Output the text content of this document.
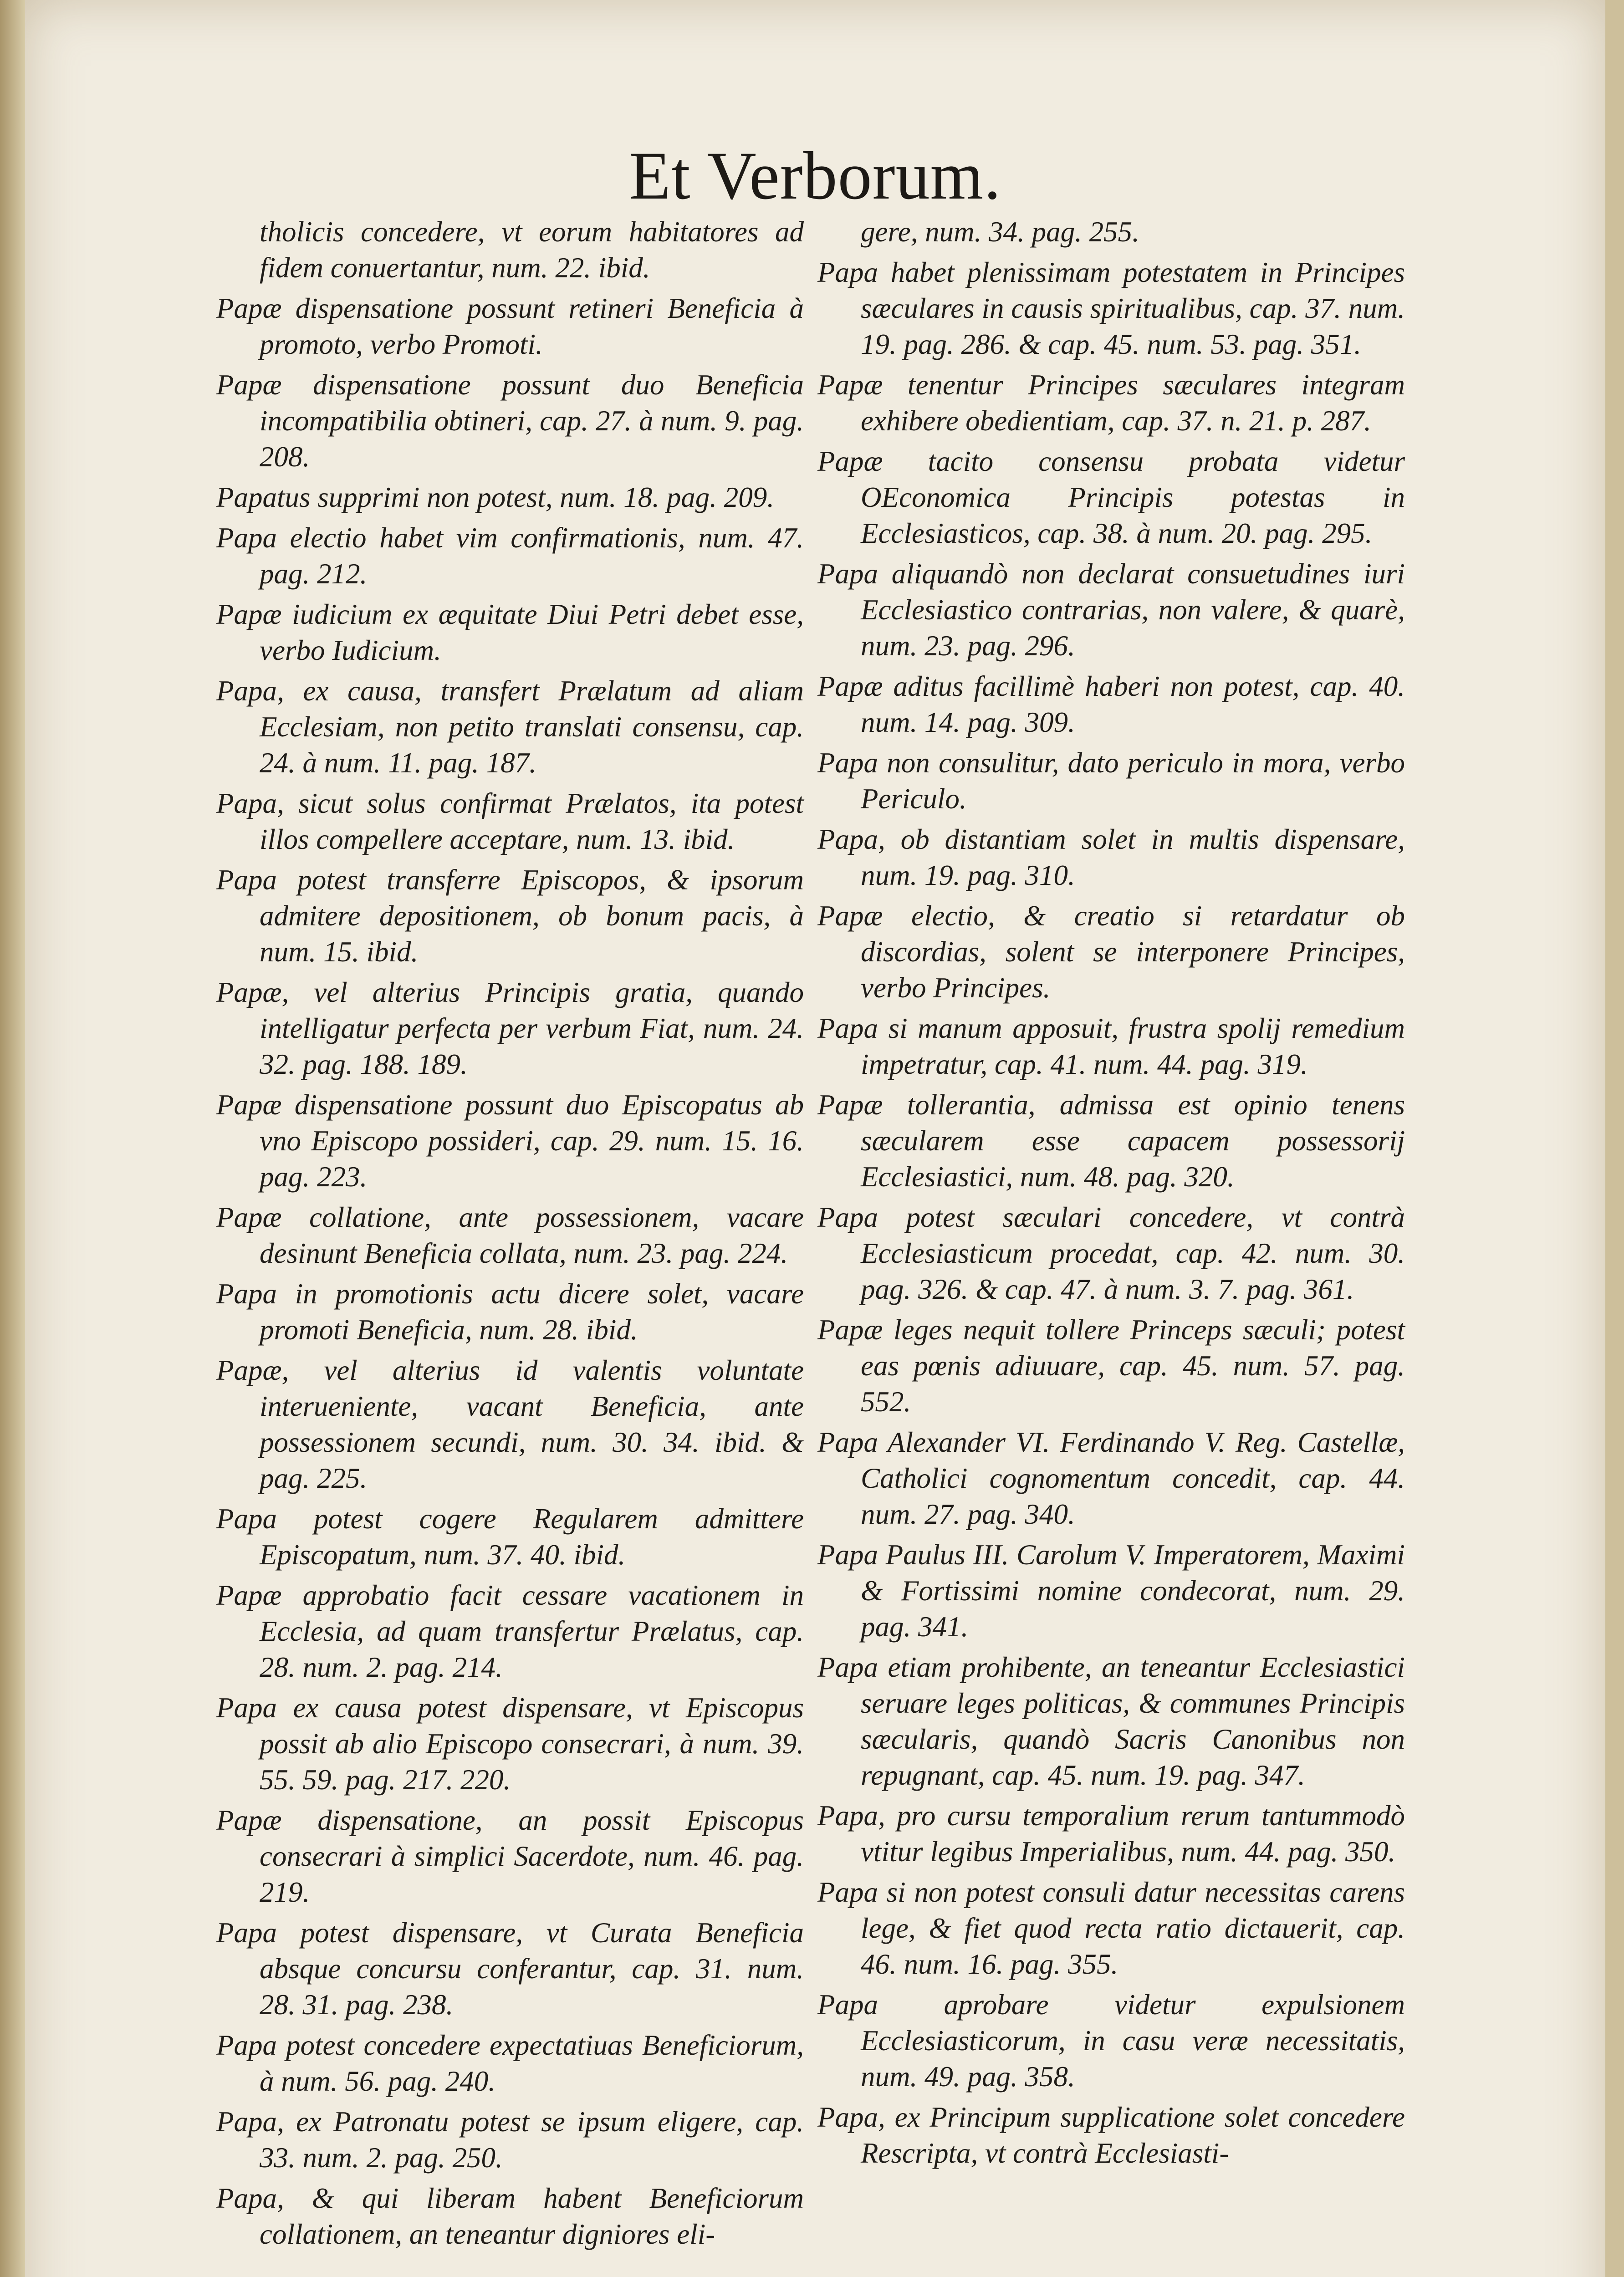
Et Verborum.

tholicis concedere, vt eorum habitatores ad fidem conuertantur, num. 22. ibid.

Papæ dispensatione possunt retineri Beneficia à promoto, verbo Promoti.

Papæ dispensatione possunt duo Beneficia incompatibilia obtineri, cap. 27. à num. 9. pag. 208.

Papatus supprimi non potest, num. 18. pag. 209.

Papa electio habet vim confirmationis, num. 47. pag. 212.

Papæ iudicium ex æquitate Diui Petri debet esse, verbo Iudicium.

Papa, ex causa, transfert Prælatum ad aliam Ecclesiam, non petito translati consensu, cap. 24. à num. 11. pag. 187.

Papa, sicut solus confirmat Prælatos, ita potest illos compellere acceptare, num. 13. ibid.

Papa potest transferre Episcopos, & ipsorum admitere depositionem, ob bonum pacis, à num. 15. ibid.

Papæ, vel alterius Principis gratia, quando intelligatur perfecta per verbum Fiat, num. 24. 32. pag. 188. 189.

Papæ dispensatione possunt duo Episcopatus ab vno Episcopo possideri, cap. 29. num. 15. 16. pag. 223.

Papæ collatione, ante possessionem, vacare desinunt Beneficia collata, num. 23. pag. 224.

Papa in promotionis actu dicere solet, vacare promoti Beneficia, num. 28. ibid.

Papæ, vel alterius id valentis voluntate interueniente, vacant Beneficia, ante possessionem secundi, num. 30. 34. ibid. & pag. 225.

Papa potest cogere Regularem admittere Episcopatum, num. 37. 40. ibid.

Papæ approbatio facit cessare vacationem in Ecclesia, ad quam transfertur Prælatus, cap. 28. num. 2. pag. 214.

Papa ex causa potest dispensare, vt Episcopus possit ab alio Episcopo consecrari, à num. 39. 55. 59. pag. 217. 220.

Papæ dispensatione, an possit Episcopus consecrari à simplici Sacerdote, num. 46. pag. 219.

Papa potest dispensare, vt Curata Beneficia absque concursu conferantur, cap. 31. num. 28. 31. pag. 238.

Papa potest concedere expectatiuas Beneficiorum, à num. 56. pag. 240.

Papa, ex Patronatu potest se ipsum eligere, cap. 33. num. 2. pag. 250.

Papa, & qui liberam habent Beneficiorum collationem, an teneantur digniores eli-

gere, num. 34. pag. 255.

Papa habet plenissimam potestatem in Principes sæculares in causis spiritualibus, cap. 37. num. 19. pag. 286. & cap. 45. num. 53. pag. 351.

Papæ tenentur Principes sæculares integram exhibere obedientiam, cap. 37. n. 21. p. 287.

Papæ tacito consensu probata videtur OEconomica Principis potestas in Ecclesiasticos, cap. 38. à num. 20. pag. 295.

Papa aliquandò non declarat consuetudines iuri Ecclesiastico contrarias, non valere, & quarè, num. 23. pag. 296.

Papæ aditus facillimè haberi non potest, cap. 40. num. 14. pag. 309.

Papa non consulitur, dato periculo in mora, verbo Periculo.

Papa, ob distantiam solet in multis dispensare, num. 19. pag. 310.

Papæ electio, & creatio si retardatur ob discordias, solent se interponere Principes, verbo Principes.

Papa si manum apposuit, frustra spolij remedium impetratur, cap. 41. num. 44. pag. 319.

Papæ tollerantia, admissa est opinio tenens sæcularem esse capacem possessorij Ecclesiastici, num. 48. pag. 320.

Papa potest sæculari concedere, vt contrà Ecclesiasticum procedat, cap. 42. num. 30. pag. 326. & cap. 47. à num. 3. 7. pag. 361.

Papæ leges nequit tollere Princeps sæculi; potest eas pœnis adiuuare, cap. 45. num. 57. pag. 552.

Papa Alexander VI. Ferdinando V. Reg. Castellæ, Catholici cognomentum concedit, cap. 44. num. 27. pag. 340.

Papa Paulus III. Carolum V. Imperatorem, Maximi & Fortissimi nomine condecorat, num. 29. pag. 341.

Papa etiam prohibente, an teneantur Ecclesiastici seruare leges politicas, & communes Principis sæcularis, quandò Sacris Canonibus non repugnant, cap. 45. num. 19. pag. 347.

Papa, pro cursu temporalium rerum tantummodò vtitur legibus Imperialibus, num. 44. pag. 350.

Papa si non potest consuli datur necessitas carens lege, & fiet quod recta ratio dictauerit, cap. 46. num. 16. pag. 355.

Papa aprobare videtur expulsionem Ecclesiasticorum, in casu veræ necessitatis, num. 49. pag. 358.

Papa, ex Principum supplicatione solet concedere Rescripta, vt contrà Ecclesiasti-
